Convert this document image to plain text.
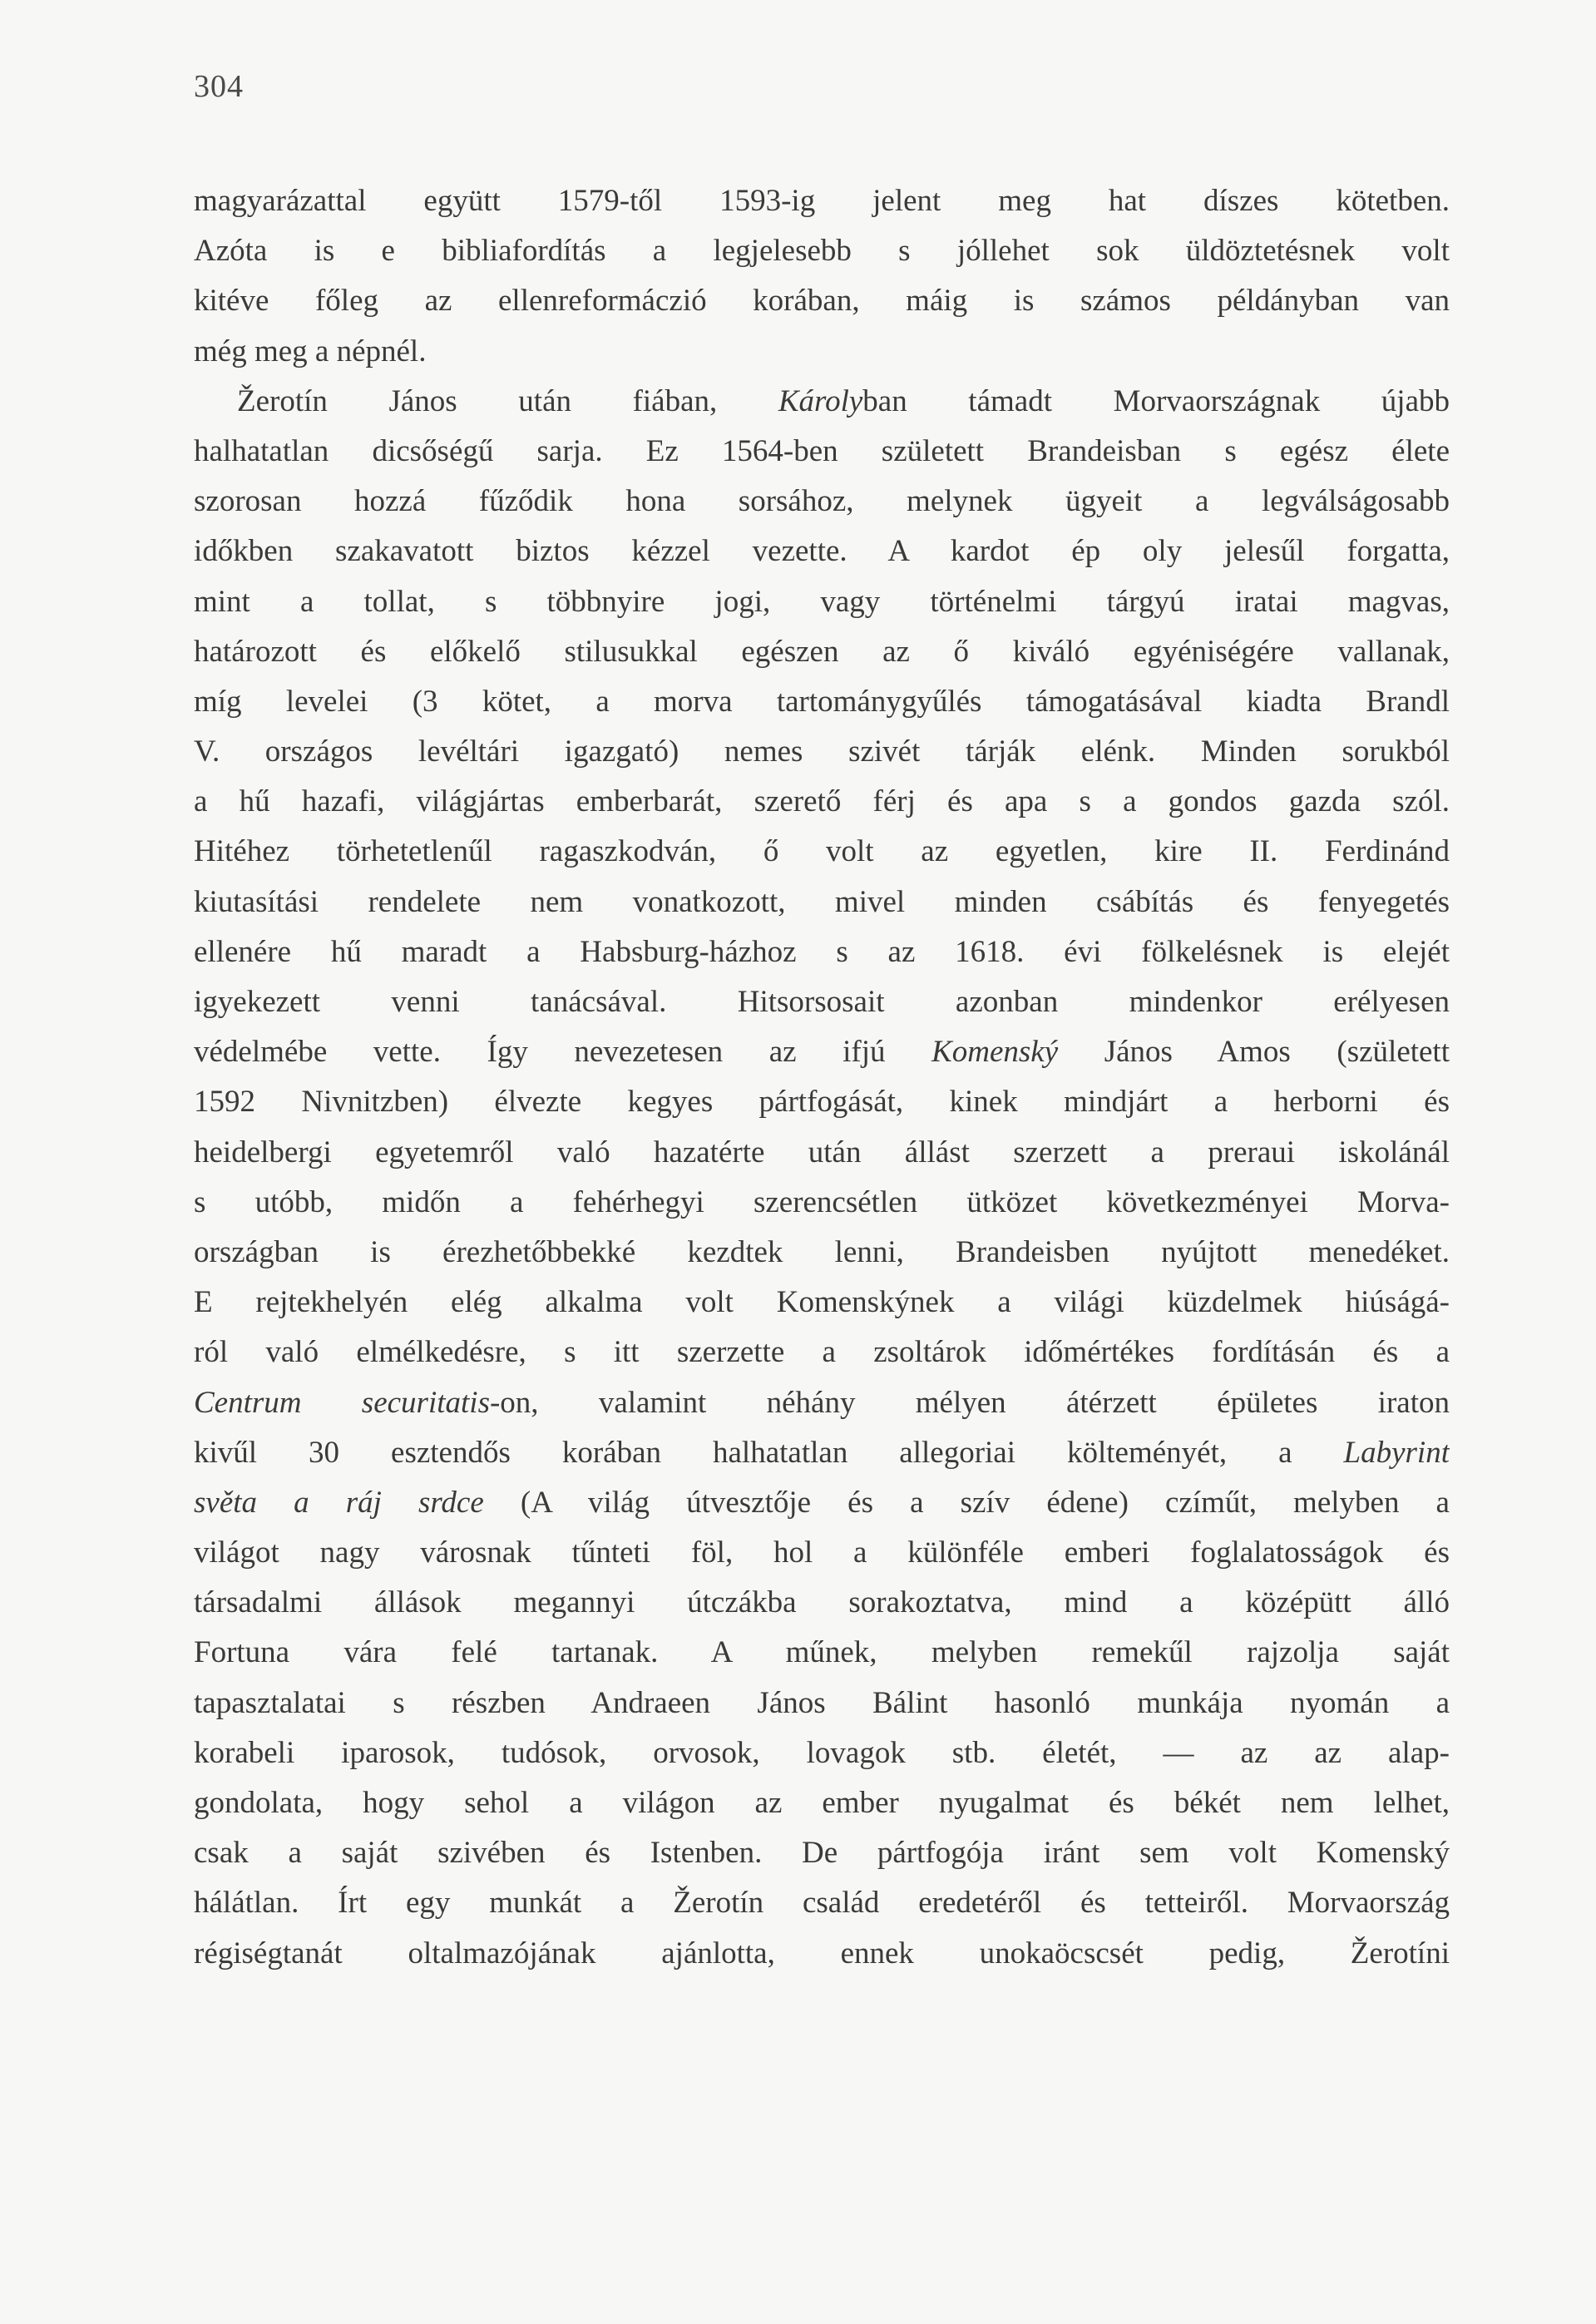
304
magyarázattal együtt 1579-től 1593-ig jelent meg hat díszes kötetben.
Azóta is e bibliafordítás a legjelesebb s jóllehet sok üldöztetésnek volt
kitéve főleg az ellenreformáczió korában, máig is számos példányban van
még meg a népnél.
Žerotín János után fiában, Károlyban támadt Morvaországnak újabb
halhatatlan dicsőségű sarja. Ez 1564-ben született Brandeisban s egész élete
szorosan hozzá fűződik hona sorsához, melynek ügyeit a legválságosabb
időkben szakavatott biztos kézzel vezette. A kardot ép oly jelesűl forgatta,
mint a tollat, s többnyire jogi, vagy történelmi tárgyú iratai magvas,
határozott és előkelő stilusukkal egészen az ő kiváló egyéniségére vallanak,
míg levelei (3 kötet, a morva tartománygyűlés támogatásával kiadta Brandl
V. országos levéltári igazgató) nemes szivét tárják elénk. Minden sorukból
a hű hazafi, világjártas emberbarát, szerető férj és apa s a gondos gazda szól.
Hitéhez törhetetlenűl ragaszkodván, ő volt az egyetlen, kire II. Ferdinánd
kiutasítási rendelete nem vonatkozott, mivel minden csábítás és fenyegetés
ellenére hű maradt a Habsburg-házhoz s az 1618. évi fölkelésnek is elejét
igyekezett venni tanácsával. Hitsorsosait azonban mindenkor erélyesen
védelmébe vette. Így nevezetesen az ifjú Komenský János Amos (született
1592 Nivnitzben) élvezte kegyes pártfogását, kinek mindjárt a herborni és
heidelbergi egyetemről való hazatérte után állást szerzett a preraui iskolánál
s utóbb, midőn a fehérhegyi szerencsétlen ütközet következményei Morva-
országban is érezhetőbbekké kezdtek lenni, Brandeisben nyújtott menedéket.
E rejtekhelyén elég alkalma volt Komenskýnek a világi küzdelmek hiúságá-
ról való elmélkedésre, s itt szerzette a zsoltárok időmértékes fordításán és a
Centrum securitatis-on, valamint néhány mélyen átérzett épületes iraton
kivűl 30 esztendős korában halhatatlan allegoriai költeményét, a Labyrint
světa a ráj srdce (A világ útvesztője és a szív édene) czíműt, melyben a
világot nagy városnak tűnteti föl, hol a különféle emberi foglalatosságok és
társadalmi állások megannyi útczákba sorakoztatva, mind a középütt álló
Fortuna vára felé tartanak. A műnek, melyben remekűl rajzolja saját
tapasztalatai s részben Andraeen János Bálint hasonló munkája nyomán a
korabeli iparosok, tudósok, orvosok, lovagok stb. életét, — az az alap-
gondolata, hogy sehol a világon az ember nyugalmat és békét nem lelhet,
csak a saját szivében és Istenben. De pártfogója iránt sem volt Komenský
hálátlan. Írt egy munkát a Žerotín család eredetéről és tetteiről. Morvaország
régiségtanát oltalmazójának ajánlotta, ennek unokaöcscsét pedig, Žerotíni
